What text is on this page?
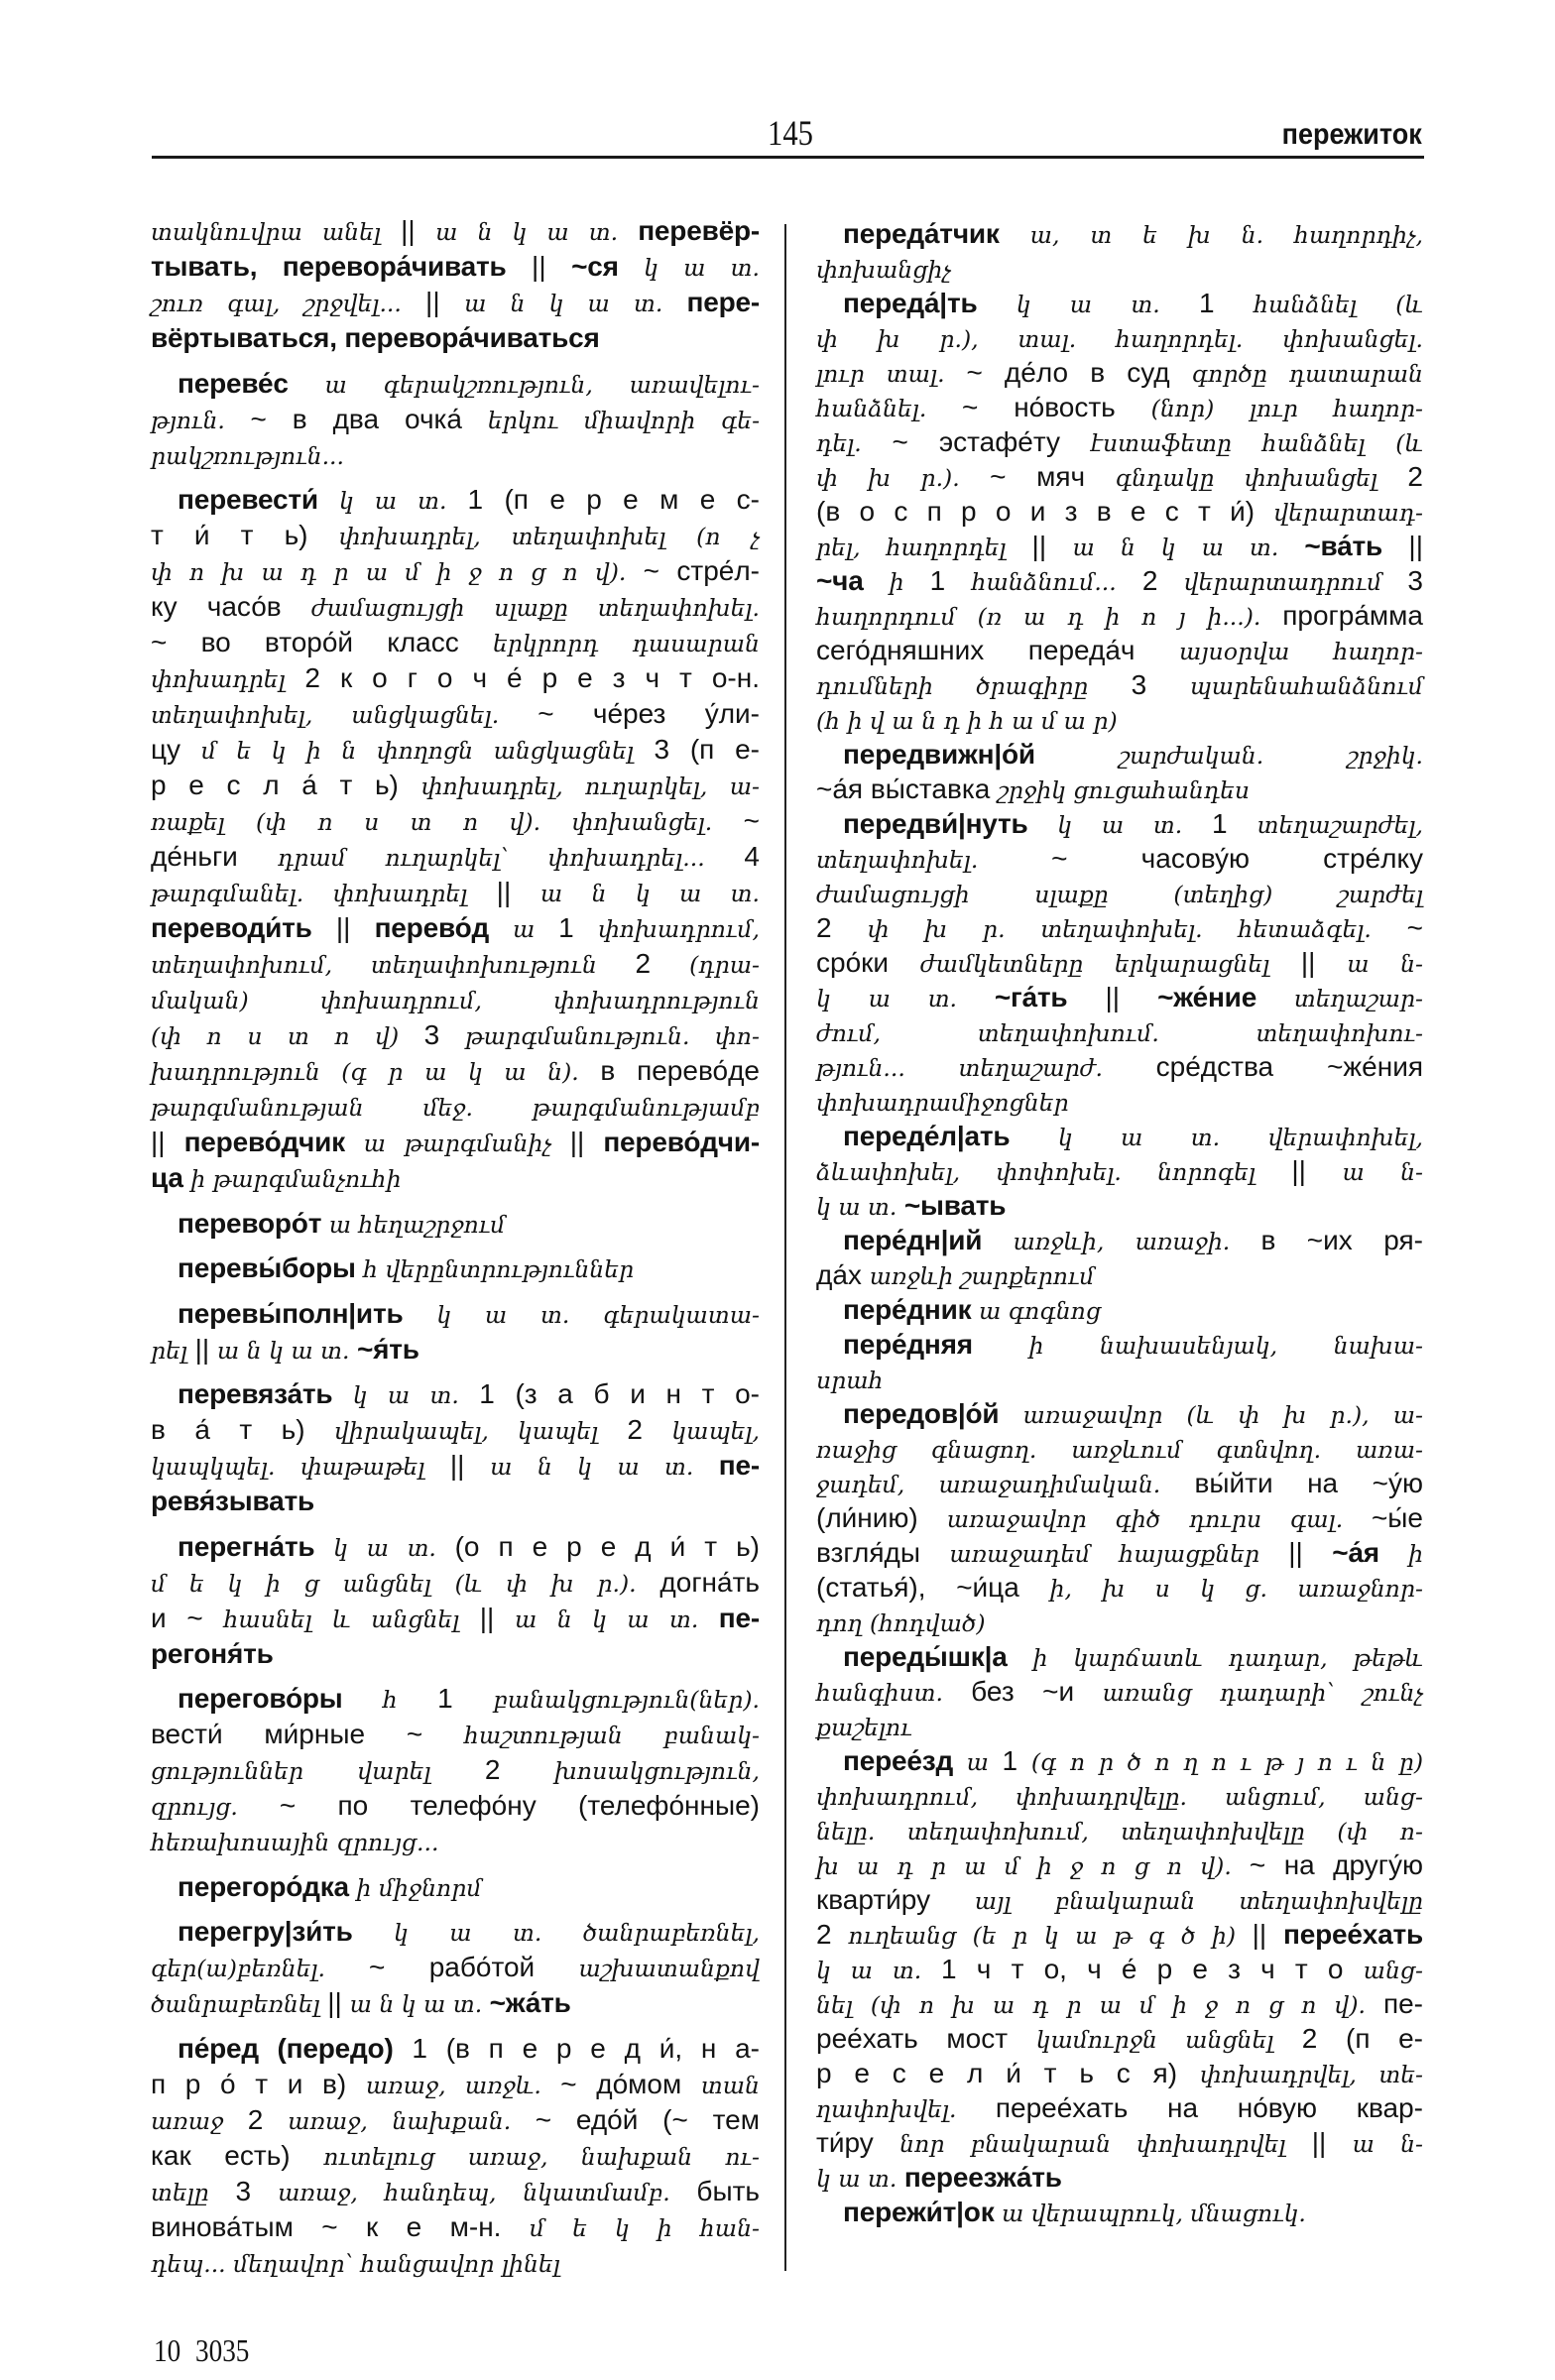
145	пережиток
տակնուվրա անել || ա ն կ ա տ. перевёр-
тывать, перевора́чивать || ~ся կ ա տ.
շուռ գալ, շրջվել... || ա ն կ ա տ. пере-
вёртываться, перевора́чиваться
переве́с ա գերակշռություն, առավելու-
թյուն. ~ в два очка́ երկու միավորի գե-
րակշռություն...
перевести́ կ ա տ. 1 (п е р е м е с-
т и́ т ь) փոխադրել, տեղափոխել (ո չ
փ ո խ ա դ ր ա մ ի ջ ո ց ո վ). ~ стре́л-
ку часо́в ժամացույցի սլաքը տեղափոխել.
~ во второ́й класс երկրորդ դասարան
փոխադրել 2 к о г о ч е́ р е з ч т о-н.
տեղափոխել, անցկացնել. ~ че́рез у́ли-
цу մ ե կ ի ն փողոցն անցկացնել 3 (п е-
р е с л а́ т ь) փոխադրել, ուղարկել, ա-
ռաքել (փ ո ս տ ո վ). փոխանցել. ~
де́ньги դրամ ուղարկել՝ փոխադրել... 4
թարգմանել. փոխադրել || ա ն կ ա տ.
переводи́ть || перево́д ա 1 փոխադրում,
տեղափոխում, տեղափոխություն 2 (դրա-
մական) փոխադրում, փոխադրություն
(փ ո ս տ ո վ) 3 թարգմանություն. փո-
խադրություն (գ ր ա կ ա ն). в перево́де
թարգմանության մեջ. թարգմանությամբ
|| перево́дчик ա թարգմանիչ || перево́дчи-
ца ի թարգմանչուհի
переворо́т ա հեղաշրջում
перевы́боры հ վերընտրություններ
перевы́полн|ить կ ա տ. գերակատա-
րել || ա ն կ ա տ. ~я́ть
перевяза́ть կ ա տ. 1 (з а б и н т о-
в а́ т ь) վիրակապել, կապել 2 կապել,
կապկպել. փաթաթել || ա ն կ ա տ. пе-
ревя́зывать
перегна́ть կ ա տ. (о п е р е д и́ т ь)
մ ե կ ի ց անցնել (և փ խ ր.). догна́ть
и ~ հասնել և անցնել || ա ն կ ա տ. пе-
регоня́ть
перегово́ры հ 1 բանակցություն(ներ).
вести́ ми́рные ~ հաշտության բանակ-
ցություններ վարել 2 խոսակցություն,
զրույց. ~ по телефо́ну (телефо́нные)
հեռախոսային զրույց...
перегоро́дка ի միջնորմ
перегру|зи́ть կ ա տ. ծանրաբեռնել,
գեր(ա)բեռնել. ~ рабо́той աշխատանքով
ծանրաբեռնել || ա ն կ ա տ. ~жа́ть
пе́ред (передо) 1 (в п е р е д и́, н а-
п р о́ т и в) առաջ, առջև. ~ до́мом տան
առաջ 2 առաջ, նախքան. ~ едо́й (~ тем
как есть) ուտելուց առաջ, նախքան ու-
տելը 3 առաջ, հանդեպ, նկատմամբ. быть
винова́тым ~ к е м-н. մ ե կ ի հան-
դեպ... մեղավոր՝ հանցավոր լինել
переда́тчик ա, տ ե խ ն. հաղորդիչ,
փոխանցիչ
переда́|ть կ ա տ. 1 հանձնել (և
փ խ ր.), տալ. հաղորդել. փոխանցել.
լուր տալ. ~ де́ло в суд գործը դատարան
հանձնել. ~ но́вость (նոր) լուր հաղոր-
դել. ~ эстафе́ту էստաֆետը հանձնել (և
փ խ ր.). ~ мяч գնդակը փոխանցել 2
(в о с п р о и з в е с т и́) վերարտադ-
րել, հաղորդել || ա ն կ ա տ. ~ва́ть ||
~ча ի 1 հանձնում... 2 վերարտադրում 3
հաղորդում (ռ ա դ ի ո յ ի...). програ́мма
сего́дняшних переда́ч այսօրվա հաղոր-
դումների ծրագիրը 3 պարենահանձնում
(հ ի վ ա ն դ ի հ ա մ ա ր)
передвижн|о́й շարժական. շրջիկ.
~а́я вы́ставка շրջիկ ցուցահանդես
передви́|нуть կ ա տ. 1 տեղաշարժել,
տեղափոխել. ~ часову́ю стре́лку
ժամացույցի սլաքը (տեղից) շարժել
2 փ խ ր. տեղափոխել. հետաձգել. ~
сро́ки ժամկետները երկարացնել || ա ն-
կ ա տ. ~га́ть || ~же́ние տեղաշար-
ժում, տեղափոխում. տեղափոխու-
թյուն... տեղաշարժ. сре́дства ~же́ния
փոխադրամիջոցներ
переде́л|ать կ ա տ. վերափոխել,
ձևափոխել, փոփոխել. նորոգել || ա ն-
կ ա տ. ~ывать
пере́дн|ий առջևի, առաջի. в ~их ря-
да́х առջևի շարքերում
пере́дник ա գոգնոց
пере́дняя ի նախասենյակ, նախա-
սրահ
передов|о́й առաջավոր (և փ խ ր.), ա-
ռաջից գնացող. առջևում գտնվող. առա-
ջադեմ, առաջադիմական. вы́йти на ~у́ю
(ли́нию) առաջավոր գիծ դուրս գալ. ~ы́е
взгля́ды առաջադեմ հայացքներ || ~а́я ի
(статья́), ~и́ца ի, խ ս կ ց. առաջնոր-
դող (հոդված)
переды́шк|а ի կարճատև դադար, թեթև
հանգիստ. без ~и առանց դադարի՝ շունչ
քաշելու
перее́зд ա 1 (գ ո ր ծ ո ղ ո ւ թ յ ո ւ ն ը)
փոխադրում, փոխադրվելը. անցում, անց-
նելը. տեղափոխում, տեղափոխվելը (փ ո-
խ ա դ ր ա մ ի ջ ո ց ո վ). ~ на другу́ю
кварти́ру այլ բնակարան տեղափոխվելը
2 ուղեանց (ե ր կ ա թ գ ծ ի) || перее́хать
կ ա տ. 1 ч т о, ч е́ р е з ч т о անց-
նել (փ ո խ ա դ ր ա մ ի ջ ո ց ո վ). пе-
рее́хать мост կամուրջն անցնել 2 (п е-
р е с е л и́ т ь с я) փոխադրվել, տե-
ղափոխվել. перее́хать на но́вую квар-
ти́ру նոր բնակարան փոխադրվել || ա ն-
կ ա տ. переезжа́ть
пережи́т|ок ա վերապրուկ, մնացուկ.
10 3035
